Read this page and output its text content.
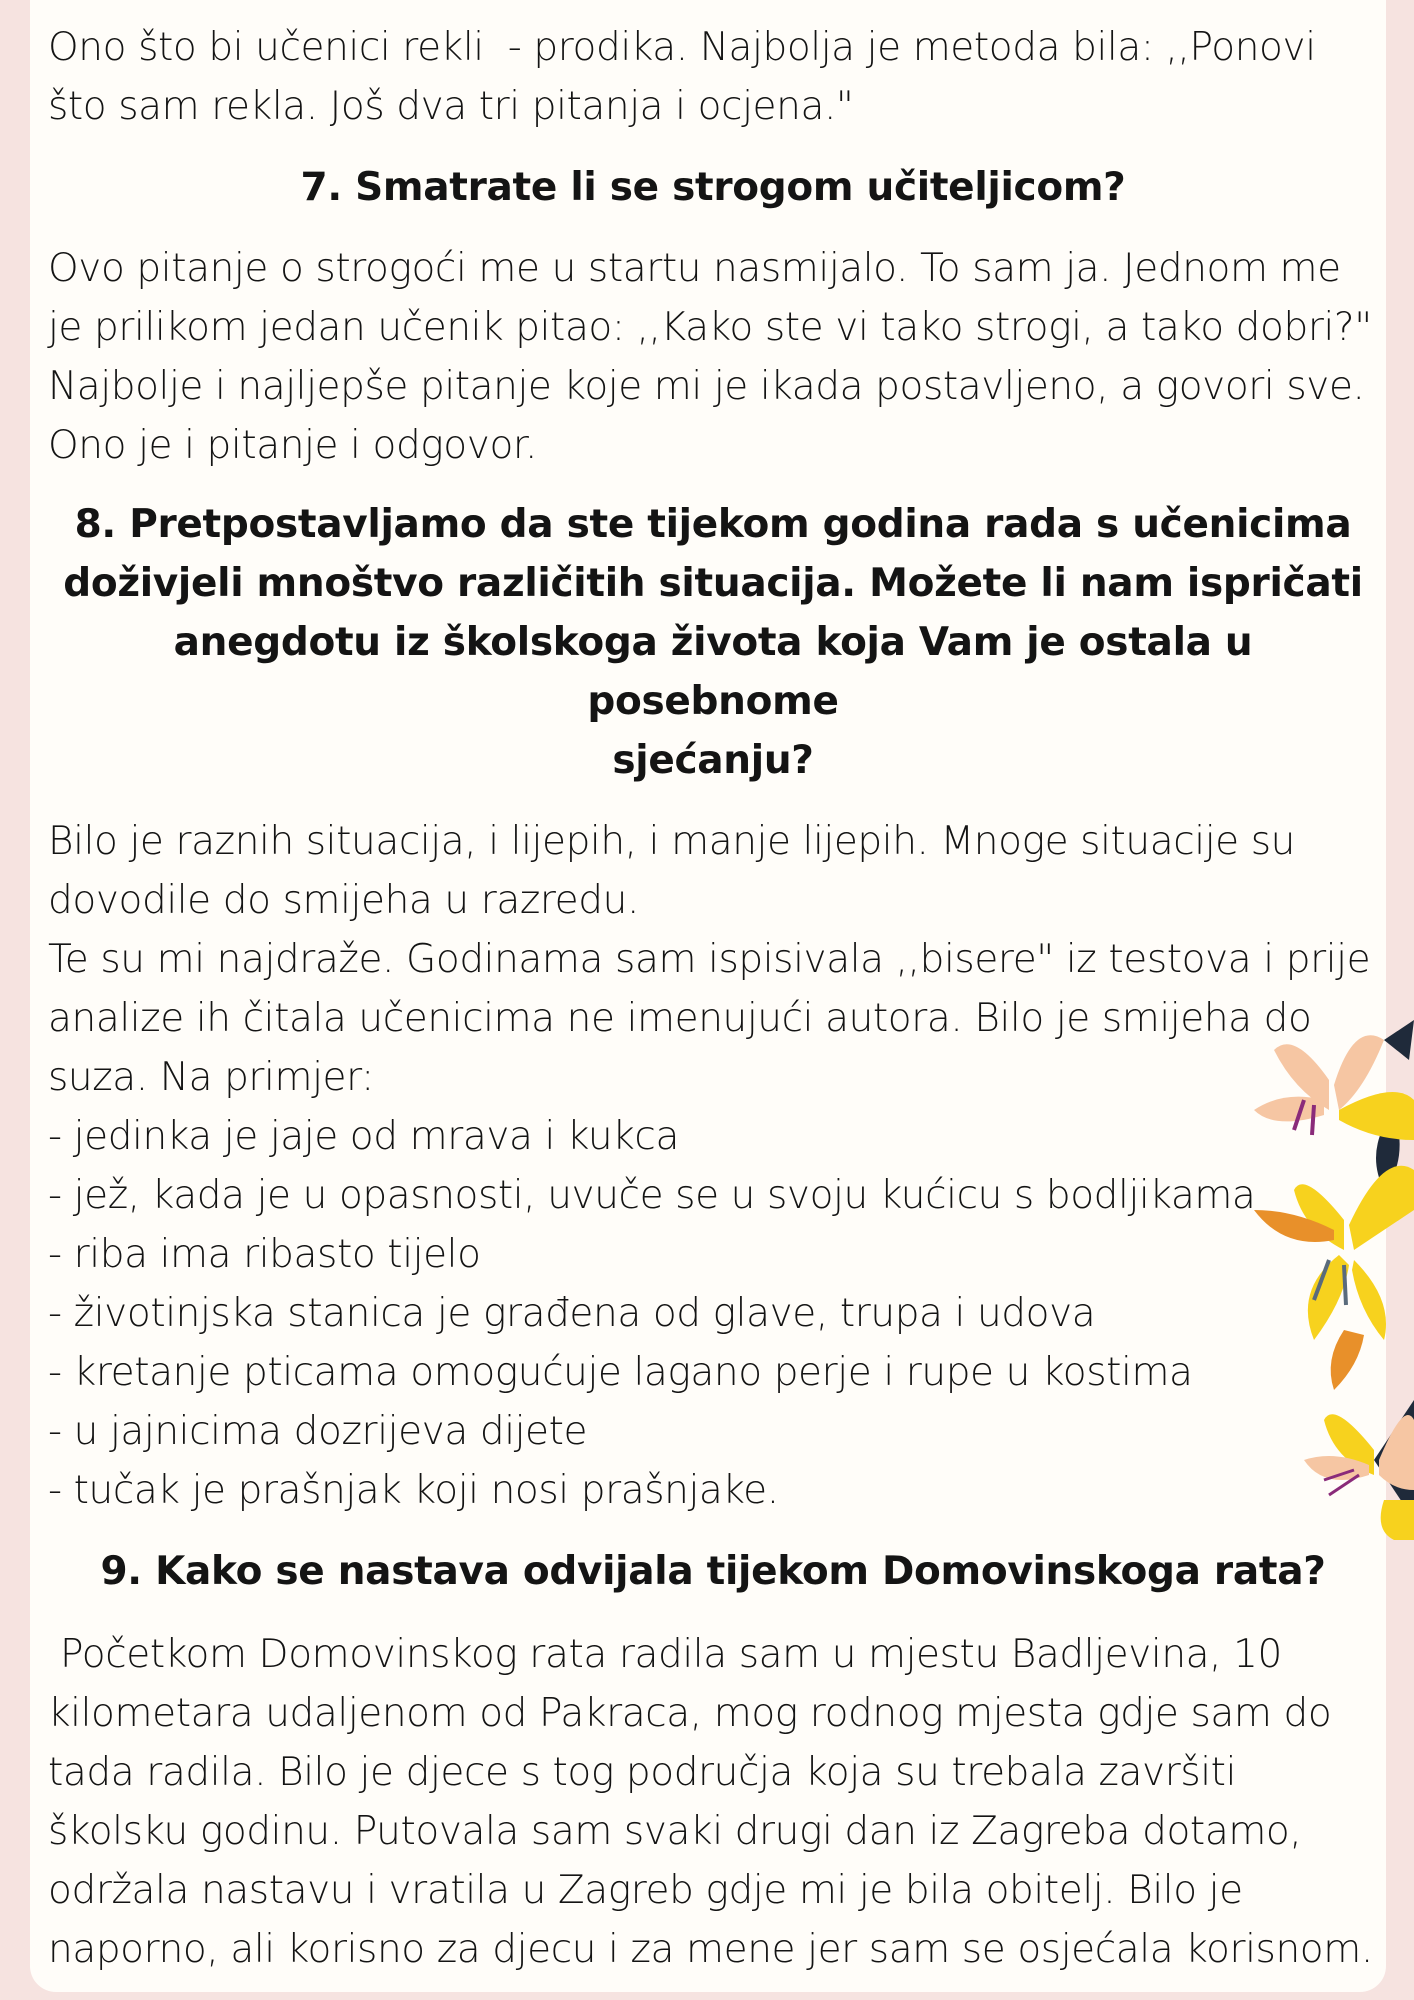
Ono što bi učenici rekli  - prodika. Najbolja je metoda bila: ,,Ponovi

što sam rekla. Još dva tri pitanja i ocjena."

7. Smatrate li se strogom učiteljicom?

Ovo pitanje o strogoći me u startu nasmijalo. To sam ja. Jednom me

je prilikom jedan učenik pitao: ,,Kako ste vi tako strogi, a tako dobri?"

Najbolje i najljepše pitanje koje mi je ikada postavljeno, a govori sve.

Ono je i pitanje i odgovor.

8. Pretpostavljamo da ste tijekom godina rada s učenicima

doživjeli mnoštvo različitih situacija. Možete li nam ispričati

anegdotu iz školskoga života koja Vam je ostala u posebnome

sjećanju?

Bilo je raznih situacija, i lijepih, i manje lijepih. Mnoge situacije su

dovodile do smijeha u razredu.

Te su mi najdraže. Godinama sam ispisivala ,,bisere" iz testova i prije

analize ih čitala učenicima ne imenujući autora. Bilo je smijeha do

suza. Na primjer:

- jedinka je jaje od mrava i kukca

- jež, kada je u opasnosti, uvuče se u svoju kućicu s bodljikama

- riba ima ribasto tijelo

- životinjska stanica je građena od glave, trupa i udova

- kretanje pticama omogućuje lagano perje i rupe u kostima

- u jajnicima dozrijeva dijete

- tučak je prašnjak koji nosi prašnjake.

9. Kako se nastava odvijala tijekom Domovinskoga rata?

Početkom Domovinskog rata radila sam u mjestu Badljevina, 10

kilometara udaljenom od Pakraca, mog rodnog mjesta gdje sam do

tada radila. Bilo je djece s tog područja koja su trebala završiti

školsku godinu. Putovala sam svaki drugi dan iz Zagreba dotamo,

održala nastavu i vratila u Zagreb gdje mi je bila obitelj. Bilo je

naporno, ali korisno za djecu i za mene jer sam se osjećala korisnom.
